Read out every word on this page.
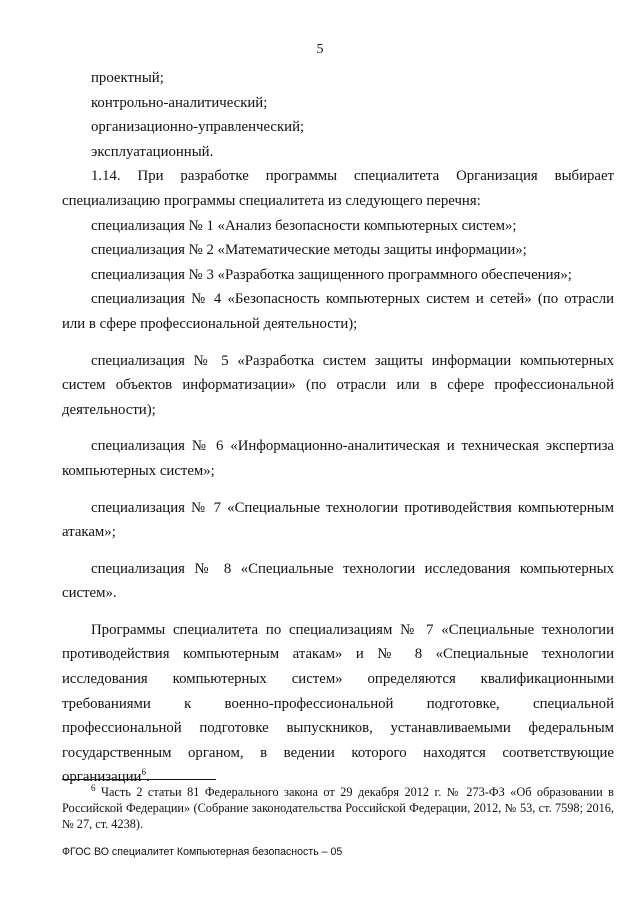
5

проектный;

контрольно-аналитический;

организационно-управленческий;

эксплуатационный.

1.14. При разработке программы специалитета Организация выбирает специализацию программы специалитета из следующего перечня:

специализация № 1 «Анализ безопасности компьютерных систем»;

специализация № 2 «Математические методы защиты информации»;

специализация № 3 «Разработка защищенного программного обеспечения»;

специализация № 4 «Безопасность компьютерных систем и сетей» (по отрасли или в сфере профессиональной деятельности);

специализация № 5 «Разработка систем защиты информации компьютерных систем объектов информатизации» (по отрасли или в сфере профессиональной деятельности);

специализация № 6 «Информационно-аналитическая и техническая экспертиза компьютерных систем»;

специализация № 7 «Специальные технологии противодействия компьютерным атакам»;

специализация № 8 «Специальные технологии исследования компьютерных систем».

Программы специалитета по специализациям № 7 «Специальные технологии противодействия компьютерным атакам» и № 8 «Специальные технологии исследования компьютерных систем» определяются квалификационными требованиями к военно-профессиональной подготовке, специальной профессиональной подготовке выпускников, устанавливаемыми федеральным государственным органом, в ведении которого находятся соответствующие организации$^6$.

$^6$ Часть 2 статьи 81 Федерального закона от 29 декабря 2012 г. № 273-ФЗ «Об образовании в Российской Федерации» (Собрание законодательства Российской Федерации, 2012, № 53, ст. 7598; 2016, № 27, ст. 4238).

ФГОС ВО специалитет Компьютерная безопасность – 05
